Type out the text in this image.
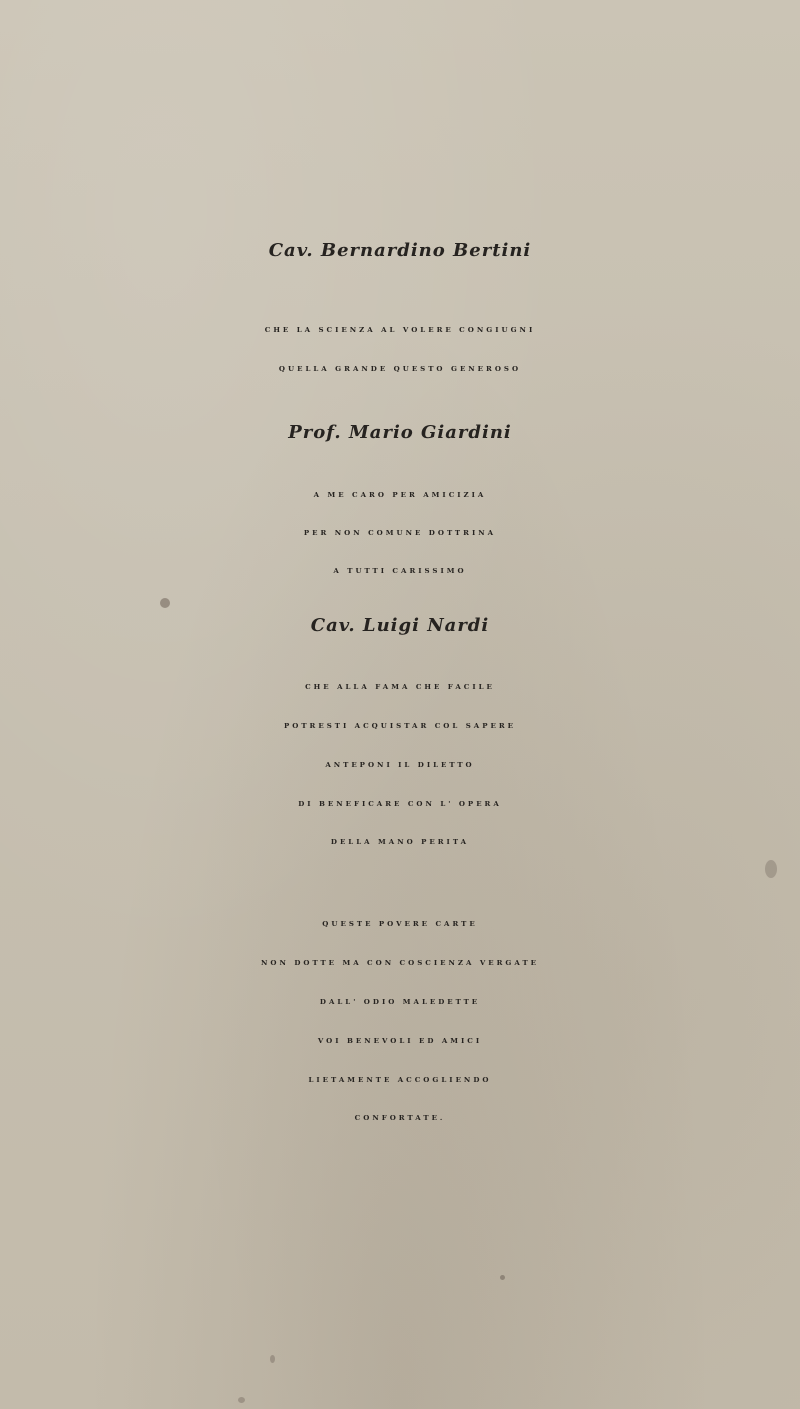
Cav. Bernardino Bertini
CHE LA SCIENZA AL VOLERE CONGIUGNI
QUELLA GRANDE QUESTO GENEROSO
Prof. Mario Giardini
A ME CARO PER AMICIZIA
PER NON COMUNE DOTTRINA
A TUTTI CARISSIMO
Cav. Luigi Nardi
CHE ALLA FAMA CHE FACILE
POTRESTI ACQUISTAR COL SAPERE
ANTEPONI IL DILETTO
DI BENEFICARE CON L' OPERA
DELLA MANO PERITA
QUESTE POVERE CARTE
NON DOTTE MA CON COSCIENZA VERGATE
DALL' ODIO MALEDETTE
VOI BENEVOLI ED AMICI
LIETAMENTE ACCOGLIENDO
CONFORTATE.
